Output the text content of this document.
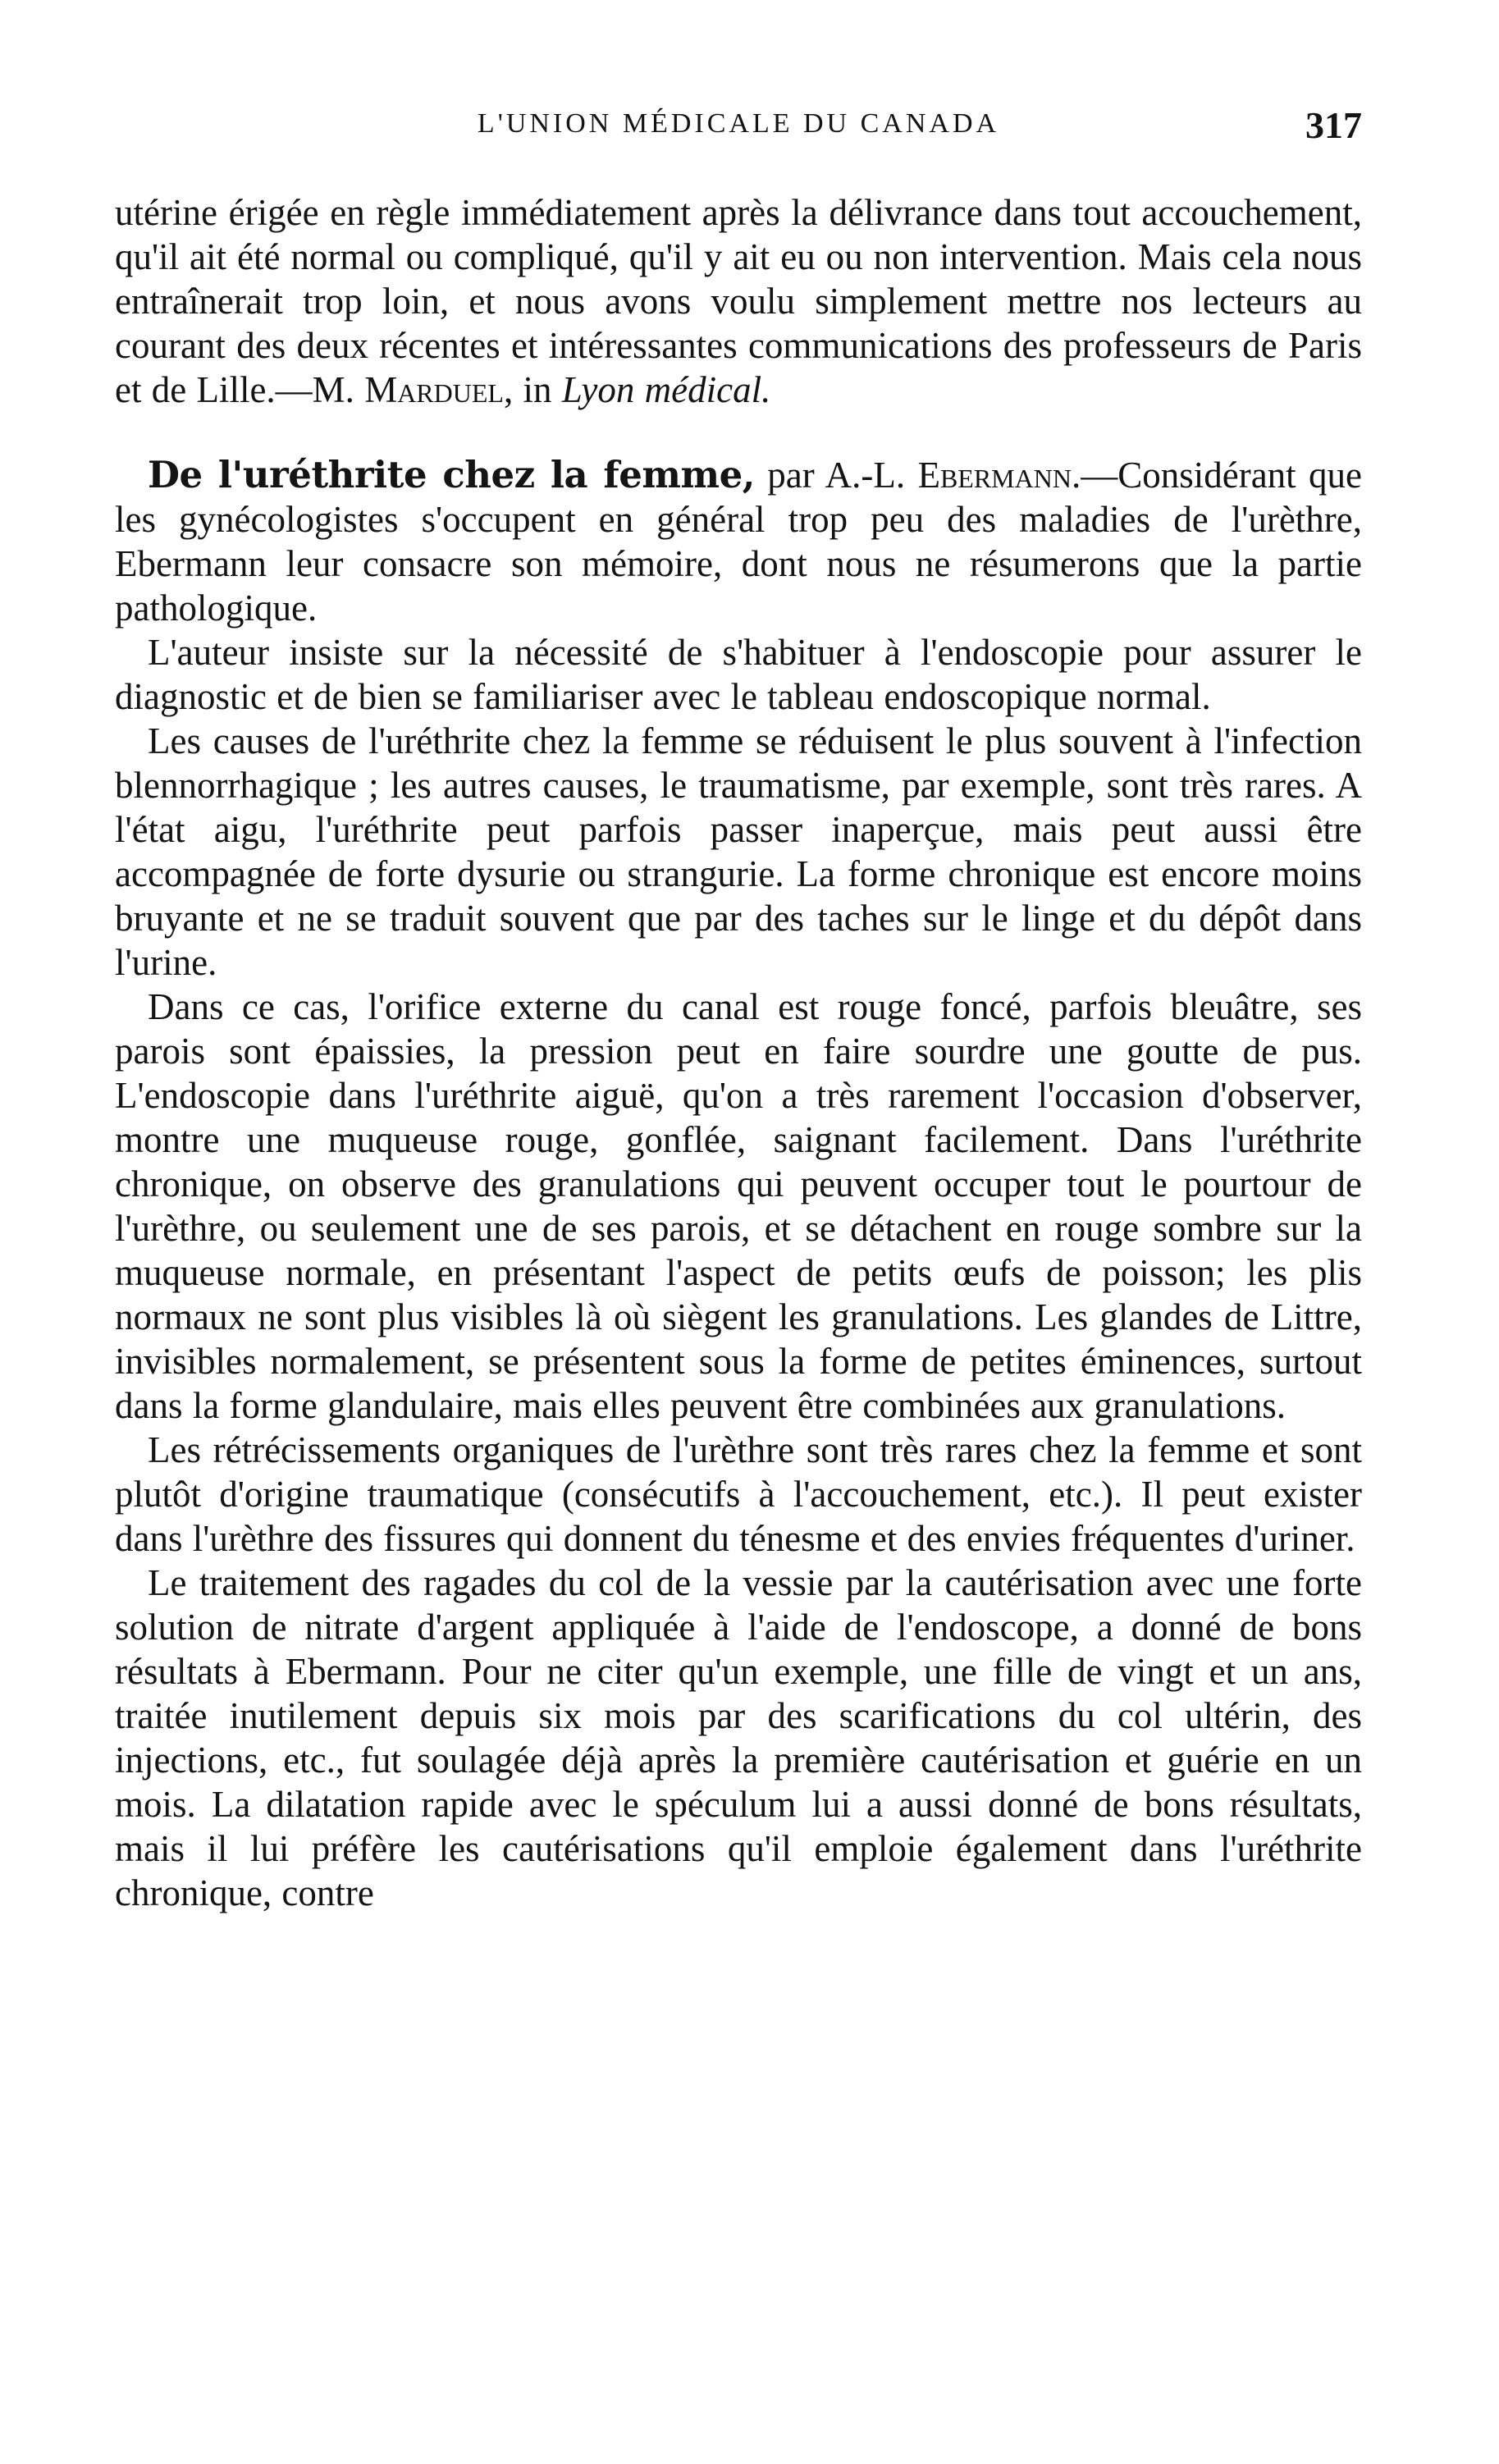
L'UNION MÉDICALE DU CANADA	317

utérine érigée en règle immédiatement après la délivrance dans tout accouchement, qu'il ait été normal ou compliqué, qu'il y ait eu ou non intervention. Mais cela nous entraînerait trop loin, et nous avons voulu simplement mettre nos lecteurs au courant des deux récentes et intéressantes communications des professeurs de Paris et de Lille.—M. Marduel, in Lyon médical.

De l'uréthrite chez la femme, par A.-L. Ebermann.—Considérant que les gynécologistes s'occupent en général trop peu des maladies de l'urèthre, Ebermann leur consacre son mémoire, dont nous ne résumerons que la partie pathologique.

L'auteur insiste sur la nécessité de s'habituer à l'endoscopie pour assurer le diagnostic et de bien se familiariser avec le tableau endoscopique normal.

Les causes de l'uréthrite chez la femme se réduisent le plus souvent à l'infection blennorrhagique ; les autres causes, le traumatisme, par exemple, sont très rares. A l'état aigu, l'uréthrite peut parfois passer inaperçue, mais peut aussi être accompagnée de forte dysurie ou strangurie. La forme chronique est encore moins bruyante et ne se traduit souvent que par des taches sur le linge et du dépôt dans l'urine.

Dans ce cas, l'orifice externe du canal est rouge foncé, parfois bleuâtre, ses parois sont épaissies, la pression peut en faire sourdre une goutte de pus. L'endoscopie dans l'uréthrite aiguë, qu'on a très rarement l'occasion d'observer, montre une muqueuse rouge, gonflée, saignant facilement. Dans l'uréthrite chronique, on observe des granulations qui peuvent occuper tout le pourtour de l'urèthre, ou seulement une de ses parois, et se détachent en rouge sombre sur la muqueuse normale, en présentant l'aspect de petits œufs de poisson; les plis normaux ne sont plus visibles là où siègent les granulations. Les glandes de Littre, invisibles normalement, se présentent sous la forme de petites éminences, surtout dans la forme glandulaire, mais elles peuvent être combinées aux granulations.

Les rétrécissements organiques de l'urèthre sont très rares chez la femme et sont plutôt d'origine traumatique (consécutifs à l'accouchement, etc.). Il peut exister dans l'urèthre des fissures qui donnent du ténesme et des envies fréquentes d'uriner.

Le traitement des ragades du col de la vessie par la cautérisation avec une forte solution de nitrate d'argent appliquée à l'aide de l'endoscope, a donné de bons résultats à Ebermann. Pour ne citer qu'un exemple, une fille de vingt et un ans, traitée inutilement depuis six mois par des scarifications du col ultérin, des injections, etc., fut soulagée déjà après la première cautérisation et guérie en un mois. La dilatation rapide avec le spéculum lui a aussi donné de bons résultats, mais il lui préfère les cautérisations qu'il emploie également dans l'uréthrite chronique, contre
